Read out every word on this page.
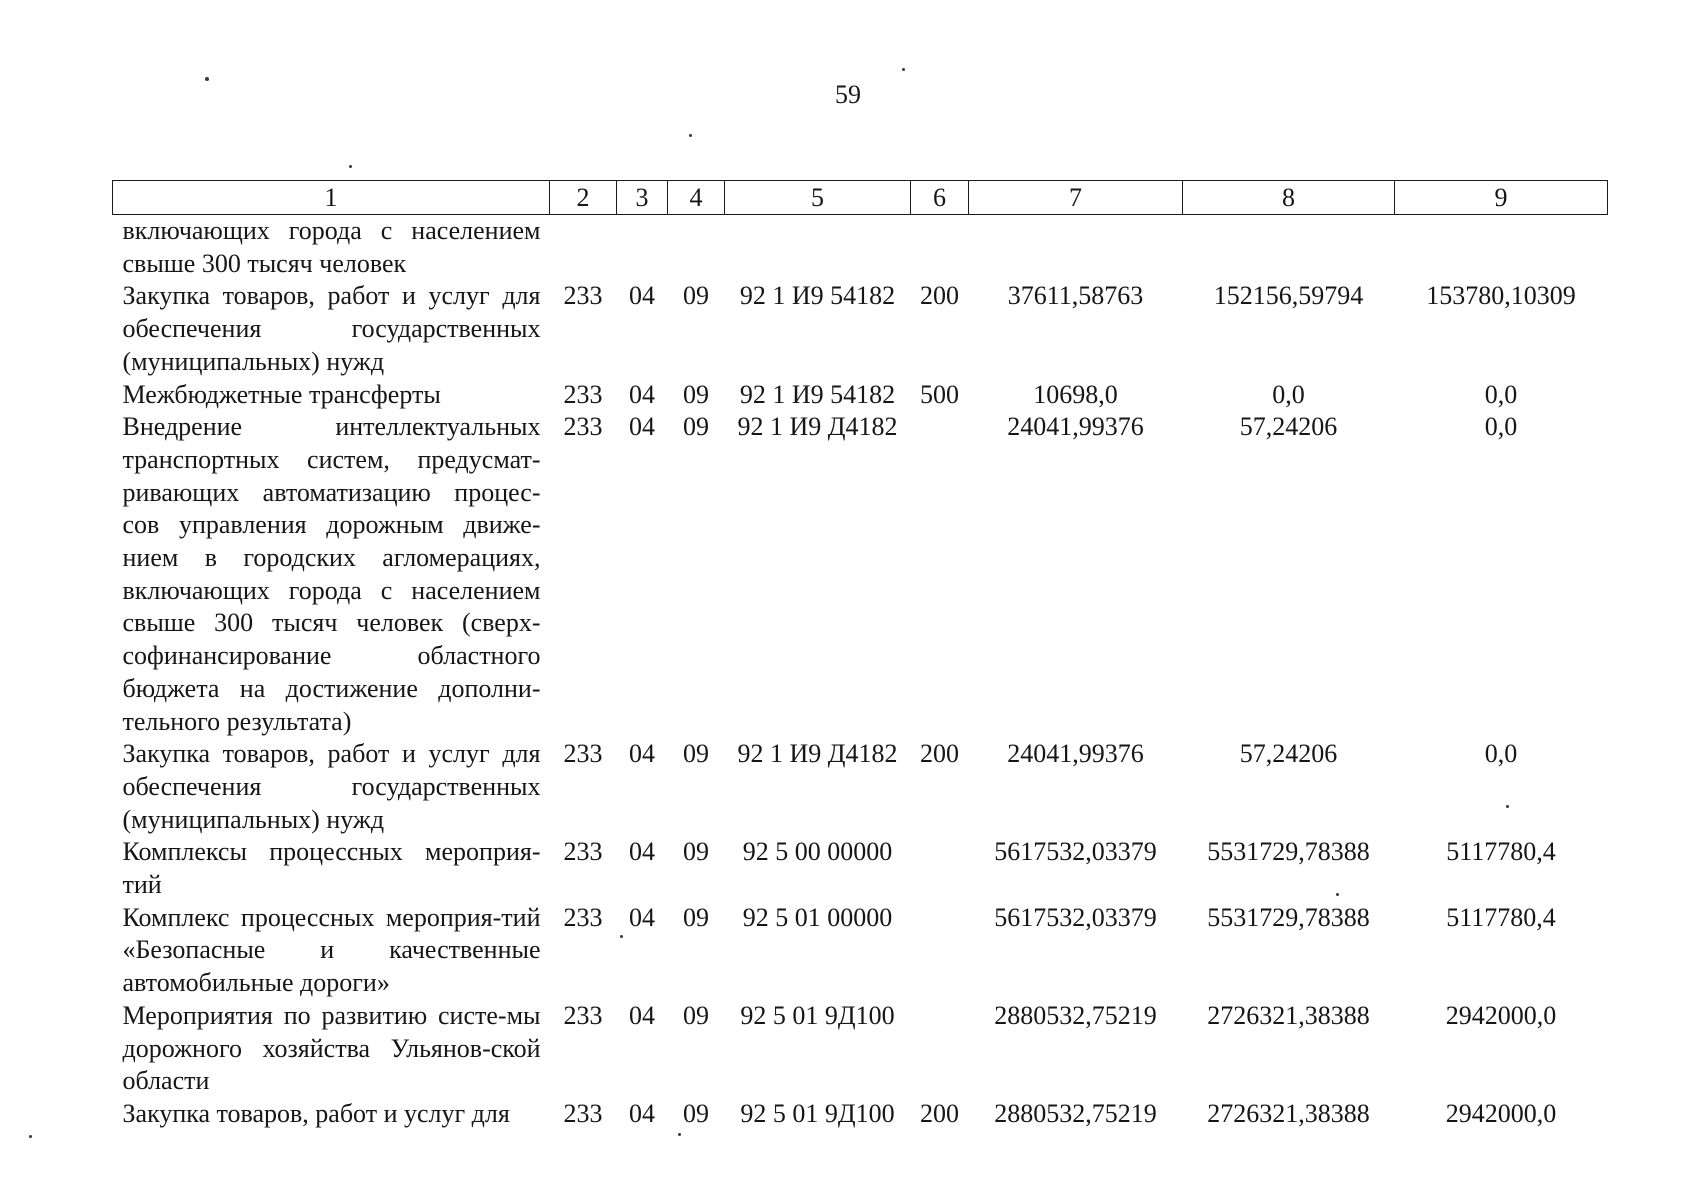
59
1	2	3	4	5	6	7	8	9
включающих города с населением свыше 300 тысяч человек								
Закупка товаров, работ и услуг для обеспечения государственных (муниципальных) нужд	233	04	09	92 1 И9 54182	200	37611,58763	152156,59794	153780,10309
Межбюджетные трансферты	233	04	09	92 1 И9 54182	500	10698,0	0,0	0,0
Внедрение интеллектуальных транспортных систем, предусмат-ривающих автоматизацию процес-сов управления дорожным движе-нием в городских агломерациях, включающих города с населением свыше 300 тысяч человек (сверх-софинансирование областного бюджета на достижение дополни-тельного результата)	233	04	09	92 1 И9 Д4182		24041,99376	57,24206	0,0
Закупка товаров, работ и услуг для обеспечения государственных (муниципальных) нужд	233	04	09	92 1 И9 Д4182	200	24041,99376	57,24206	0,0
Комплексы процессных мероприя-тий	233	04	09	92 5 00 00000		5617532,03379	5531729,78388	5117780,4
Комплекс процессных мероприя-тий «Безопасные и качественные автомобильные дороги»	233	04	09	92 5 01 00000		5617532,03379	5531729,78388	5117780,4
Мероприятия по развитию систе-мы дорожного хозяйства Ульянов-ской области	233	04	09	92 5 01 9Д100		2880532,75219	2726321,38388	2942000,0
Закупка товаров, работ и услуг для	233	04	09	92 5 01 9Д100	200	2880532,75219	2726321,38388	2942000,0
